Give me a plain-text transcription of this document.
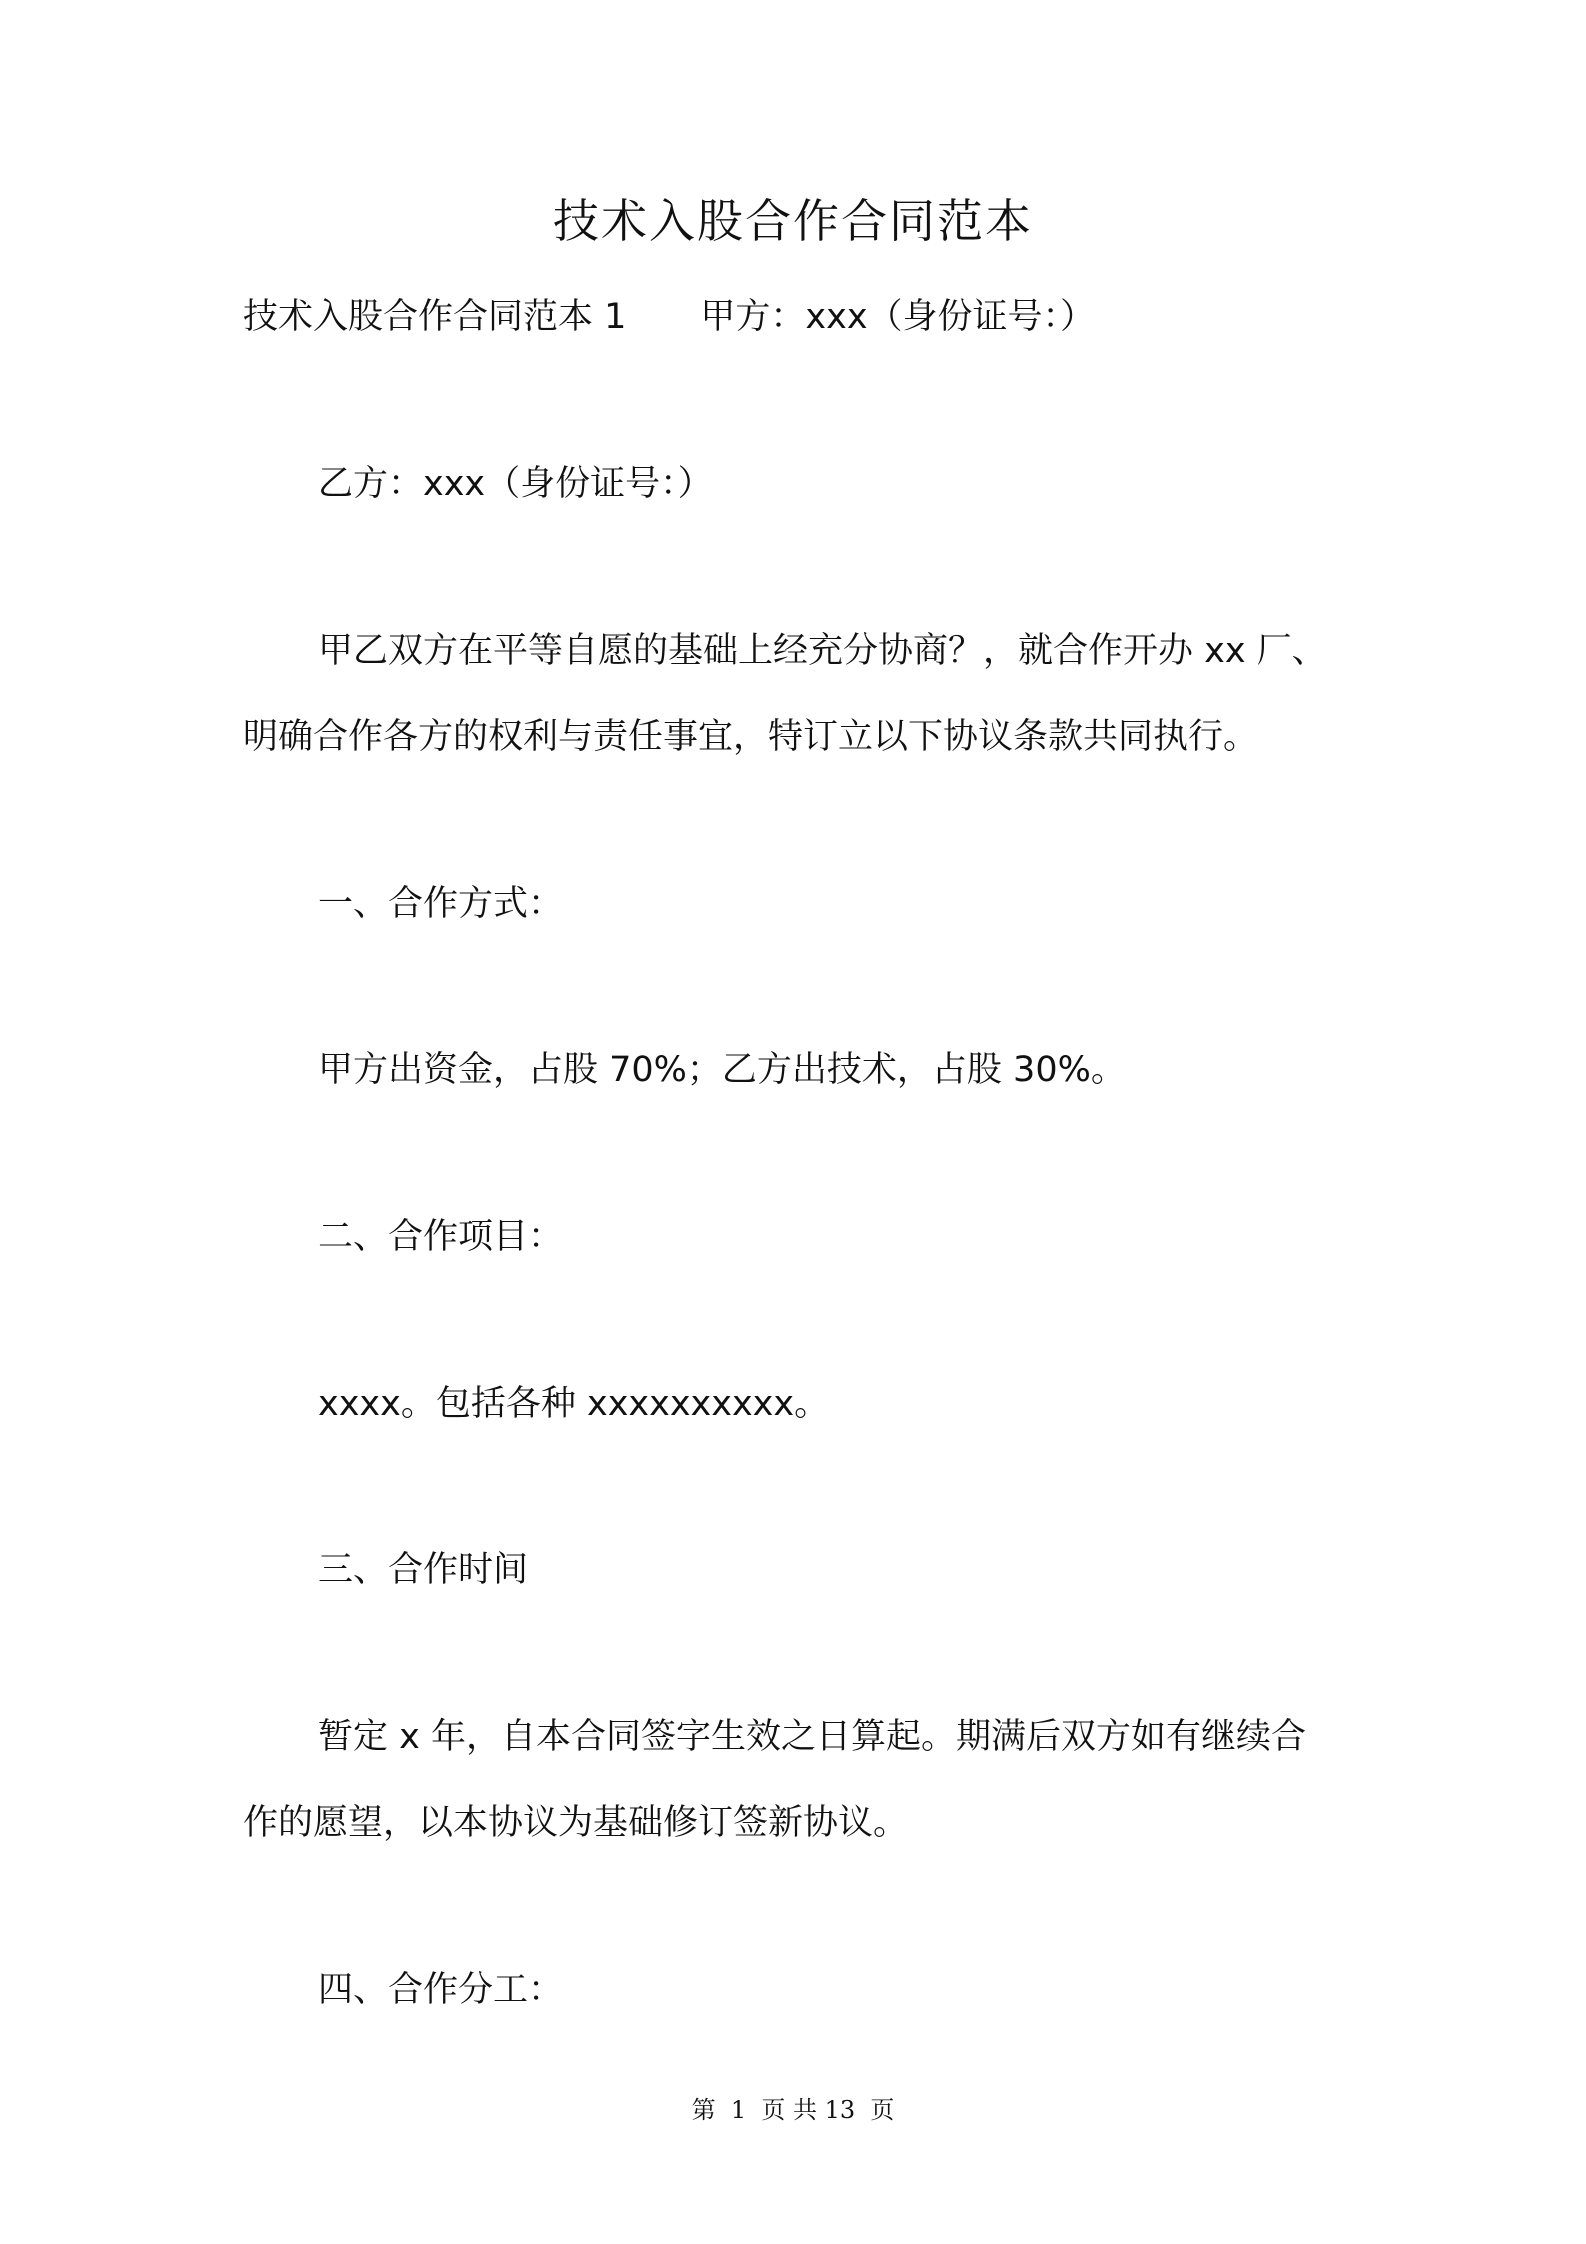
技术入股合作合同范本
技术入股合作合同范本 1 甲方：xxx（身份证号：）
乙方：xxx（身份证号：）
甲乙双方在平等自愿的基础上经充分协商？，就合作开办 xx 厂、
明确合作各方的权利与责任事宜，特订立以下协议条款共同执行。
一、合作方式：
甲方出资金，占股 70%；乙方出技术，占股 30%。
二、合作项目：
xxxx。包括各种 xxxxxxxxxx。
三、合作时间
暂定 x 年，自本合同签字生效之日算起。期满后双方如有继续合
作的愿望，以本协议为基础修订签新协议。
四、合作分工：
第  1  页 共 13  页
